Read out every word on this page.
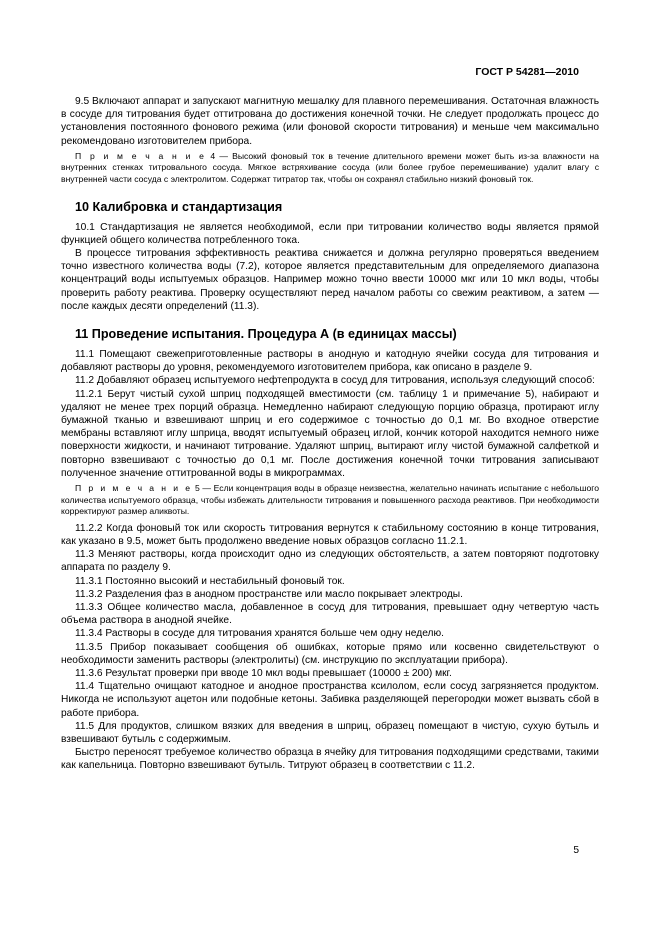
ГОСТ Р 54281—2010

9.5 Включают аппарат и запускают магнитную мешалку для плавного перемешивания. Остаточная влажность в сосуде для титрования будет оттитрована до достижения конечной точки. Не следует продолжать процесс до установления постоянного фонового режима (или фоновой скорости титрования) и меньше чем максимально рекомендовано изготовителем прибора.

П р и м е ч а н и е 4 — Высокий фоновый ток в течение длительного времени может быть из-за влажности на внутренних стенках титровального сосуда. Мягкое встряхивание сосуда (или более грубое перемешивание) удалит влагу с внутренней части сосуда с электролитом. Содержат титратор так, чтобы он сохранял стабильно низкий фоновый ток.

10 Калибровка и стандартизация

10.1 Стандартизация не является необходимой, если при титровании количество воды является прямой функцией общего количества потребленного тока.

В процессе титрования эффективность реактива снижается и должна регулярно проверяться введением точно известного количества воды (7.2), которое является представительным для определяемого диапазона концентраций воды испытуемых образцов. Например можно точно ввести 10000 мкг или 10 мкл воды, чтобы проверить работу реактива. Проверку осуществляют перед началом работы со свежим реактивом, а затем — после каждых десяти определений (11.3).

11 Проведение испытания. Процедура А (в единицах массы)

11.1 Помещают свежеприготовленные растворы в анодную и катодную ячейки сосуда для титрования и добавляют растворы до уровня, рекомендуемого изготовителем прибора, как описано в разделе 9.

11.2 Добавляют образец испытуемого нефтепродукта в сосуд для титрования, используя следующий способ:

11.2.1 Берут чистый сухой шприц подходящей вместимости (см. таблицу 1 и примечание 5), набирают и удаляют не менее трех порций образца. Немедленно набирают следующую порцию образца, протирают иглу бумажной тканью и взвешивают шприц и его содержимое с точностью до 0,1 мг. Во входное отверстие мембраны вставляют иглу шприца, вводят испытуемый образец иглой, кончик которой находится немного ниже поверхности жидкости, и начинают титрование. Удаляют шприц, вытирают иглу чистой бумажной салфеткой и повторно взвешивают с точностью до 0,1 мг. После достижения конечной точки титрования записывают полученное значение оттитрованной воды в микрограммах.

П р и м е ч а н и е 5 — Если концентрация воды в образце неизвестна, желательно начинать испытание с небольшого количества испытуемого образца, чтобы избежать длительности титрования и повышенного расхода реактивов. При необходимости корректируют размер аликвоты.

11.2.2 Когда фоновый ток или скорость титрования вернутся к стабильному состоянию в конце титрования, как указано в 9.5, может быть продолжено введение новых образцов согласно 11.2.1.

11.3 Меняют растворы, когда происходит одно из следующих обстоятельств, а затем повторяют подготовку аппарата по разделу 9.

11.3.1 Постоянно высокий и нестабильный фоновый ток.

11.3.2 Разделения фаз в анодном пространстве или масло покрывает электроды.

11.3.3 Общее количество масла, добавленное в сосуд для титрования, превышает одну четвертую часть объема раствора в анодной ячейке.

11.3.4 Растворы в сосуде для титрования хранятся больше чем одну неделю.

11.3.5 Прибор показывает сообщения об ошибках, которые прямо или косвенно свидетельствуют о необходимости заменить растворы (электролиты) (см. инструкцию по эксплуатации прибора).

11.3.6 Результат проверки при вводе 10 мкл воды превышает (10000 ± 200) мкг.

11.4 Тщательно очищают катодное и анодное пространства ксилолом, если сосуд загрязняется продуктом. Никогда не используют ацетон или подобные кетоны. Забивка разделяющей перегородки может вызвать сбой в работе прибора.

11.5 Для продуктов, слишком вязких для введения в шприц, образец помещают в чистую, сухую бутыль и взвешивают бутыль с содержимым.

Быстро переносят требуемое количество образца в ячейку для титрования подходящими средствами, такими как капельница. Повторно взвешивают бутыль. Титруют образец в соответствии с 11.2.

5
